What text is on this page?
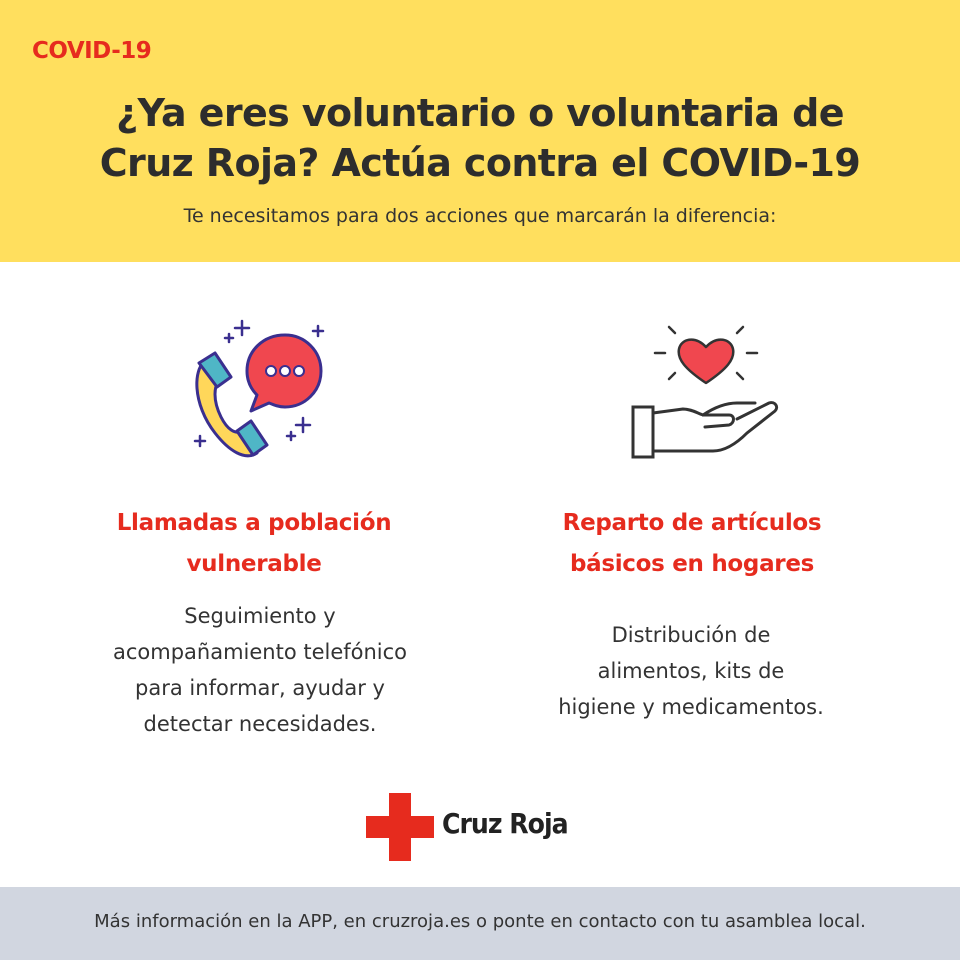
COVID-19
¿Ya eres voluntario o voluntaria de
Cruz Roja? Actúa contra el COVID-19
Te necesitamos para dos acciones que marcarán la diferencia:
Llamadas a población
vulnerable
Seguimiento y
acompañamiento telefónico
para informar, ayudar y
detectar necesidades.
Reparto de artículos
básicos en hogares
Distribución de
alimentos, kits de
higiene y medicamentos.
Cruz Roja
Más información en la APP, en cruzroja.es o ponte en contacto con tu asamblea local.
